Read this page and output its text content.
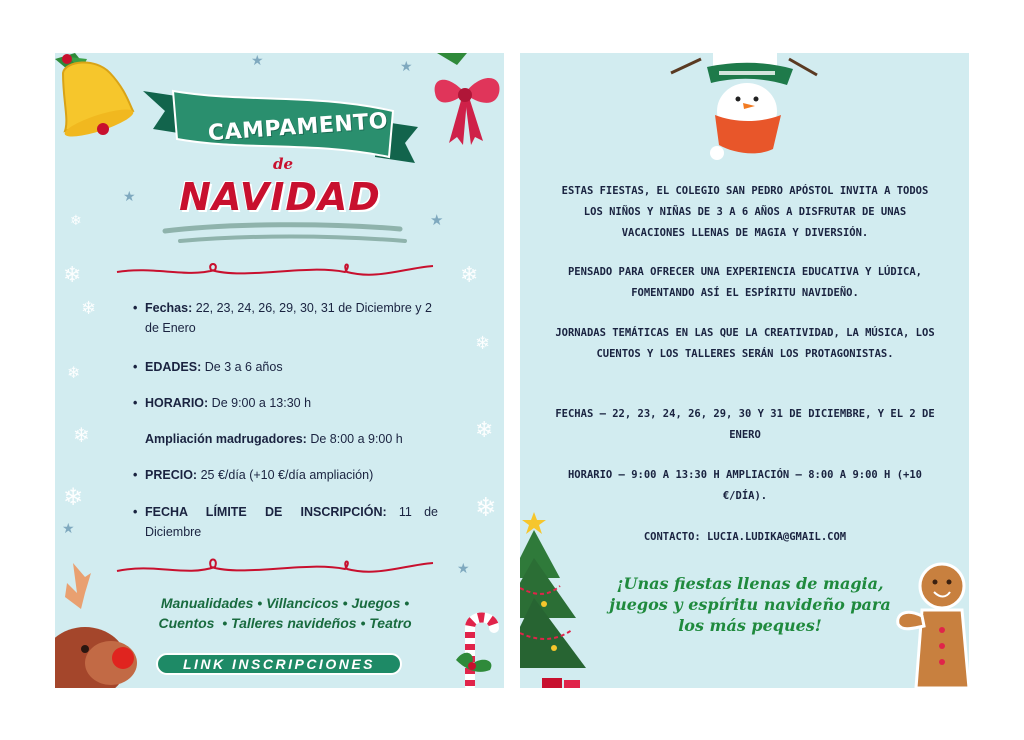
❄
❄
❄
❄
❄
❄
❄
❄
❄
❄
★	★
★
★
★
★
CAMPAMENTO
de
NAVIDAD
• Fechas: 22, 23, 24, 26, 29, 30, 31 de Diciembre y 2 de Enero
• EDADES: De 3 a 6 años
• HORARIO: De 9:00 a 13:30 h
Ampliación madrugadores: De 8:00 a 9:00 h
• PRECIO: 25 €/día (+10 €/día ampliación)
• FECHA LÍMITE DE INSCRIPCIÓN: 11 de Diciembre
Manualidades • Villancicos • Juegos •
Cuentos  • Talleres navideños • Teatro
LINK INSCRIPCIONES
ESTAS FIESTAS, EL COLEGIO SAN PEDRO APÓSTOL INVITA A TODOS LOS NIÑOS Y NIÑAS DE 3 A 6 AÑOS A DISFRUTAR DE UNAS VACACIONES LLENAS DE MAGIA Y DIVERSIÓN.
PENSADO PARA OFRECER UNA EXPERIENCIA EDUCATIVA Y LÚDICA, FOMENTANDO ASÍ EL ESPÍRITU NAVIDEÑO.
JORNADAS TEMÁTICAS EN LAS QUE LA CREATIVIDAD, LA MÚSICA, LOS CUENTOS Y LOS TALLERES SERÁN LOS PROTAGONISTAS.
FECHAS – 22, 23, 24, 26, 29, 30 Y 31 DE DICIEMBRE, Y EL 2 DE ENERO
HORARIO – 9:00 A 13:30 H AMPLIACIÓN – 8:00 A 9:00 H (+10 €/DÍA).
CONTACTO: LUCIA.LUDIKA@GMAIL.COM
¡Unas fiestas llenas de magia, juegos y espíritu navideño para los más peques!
